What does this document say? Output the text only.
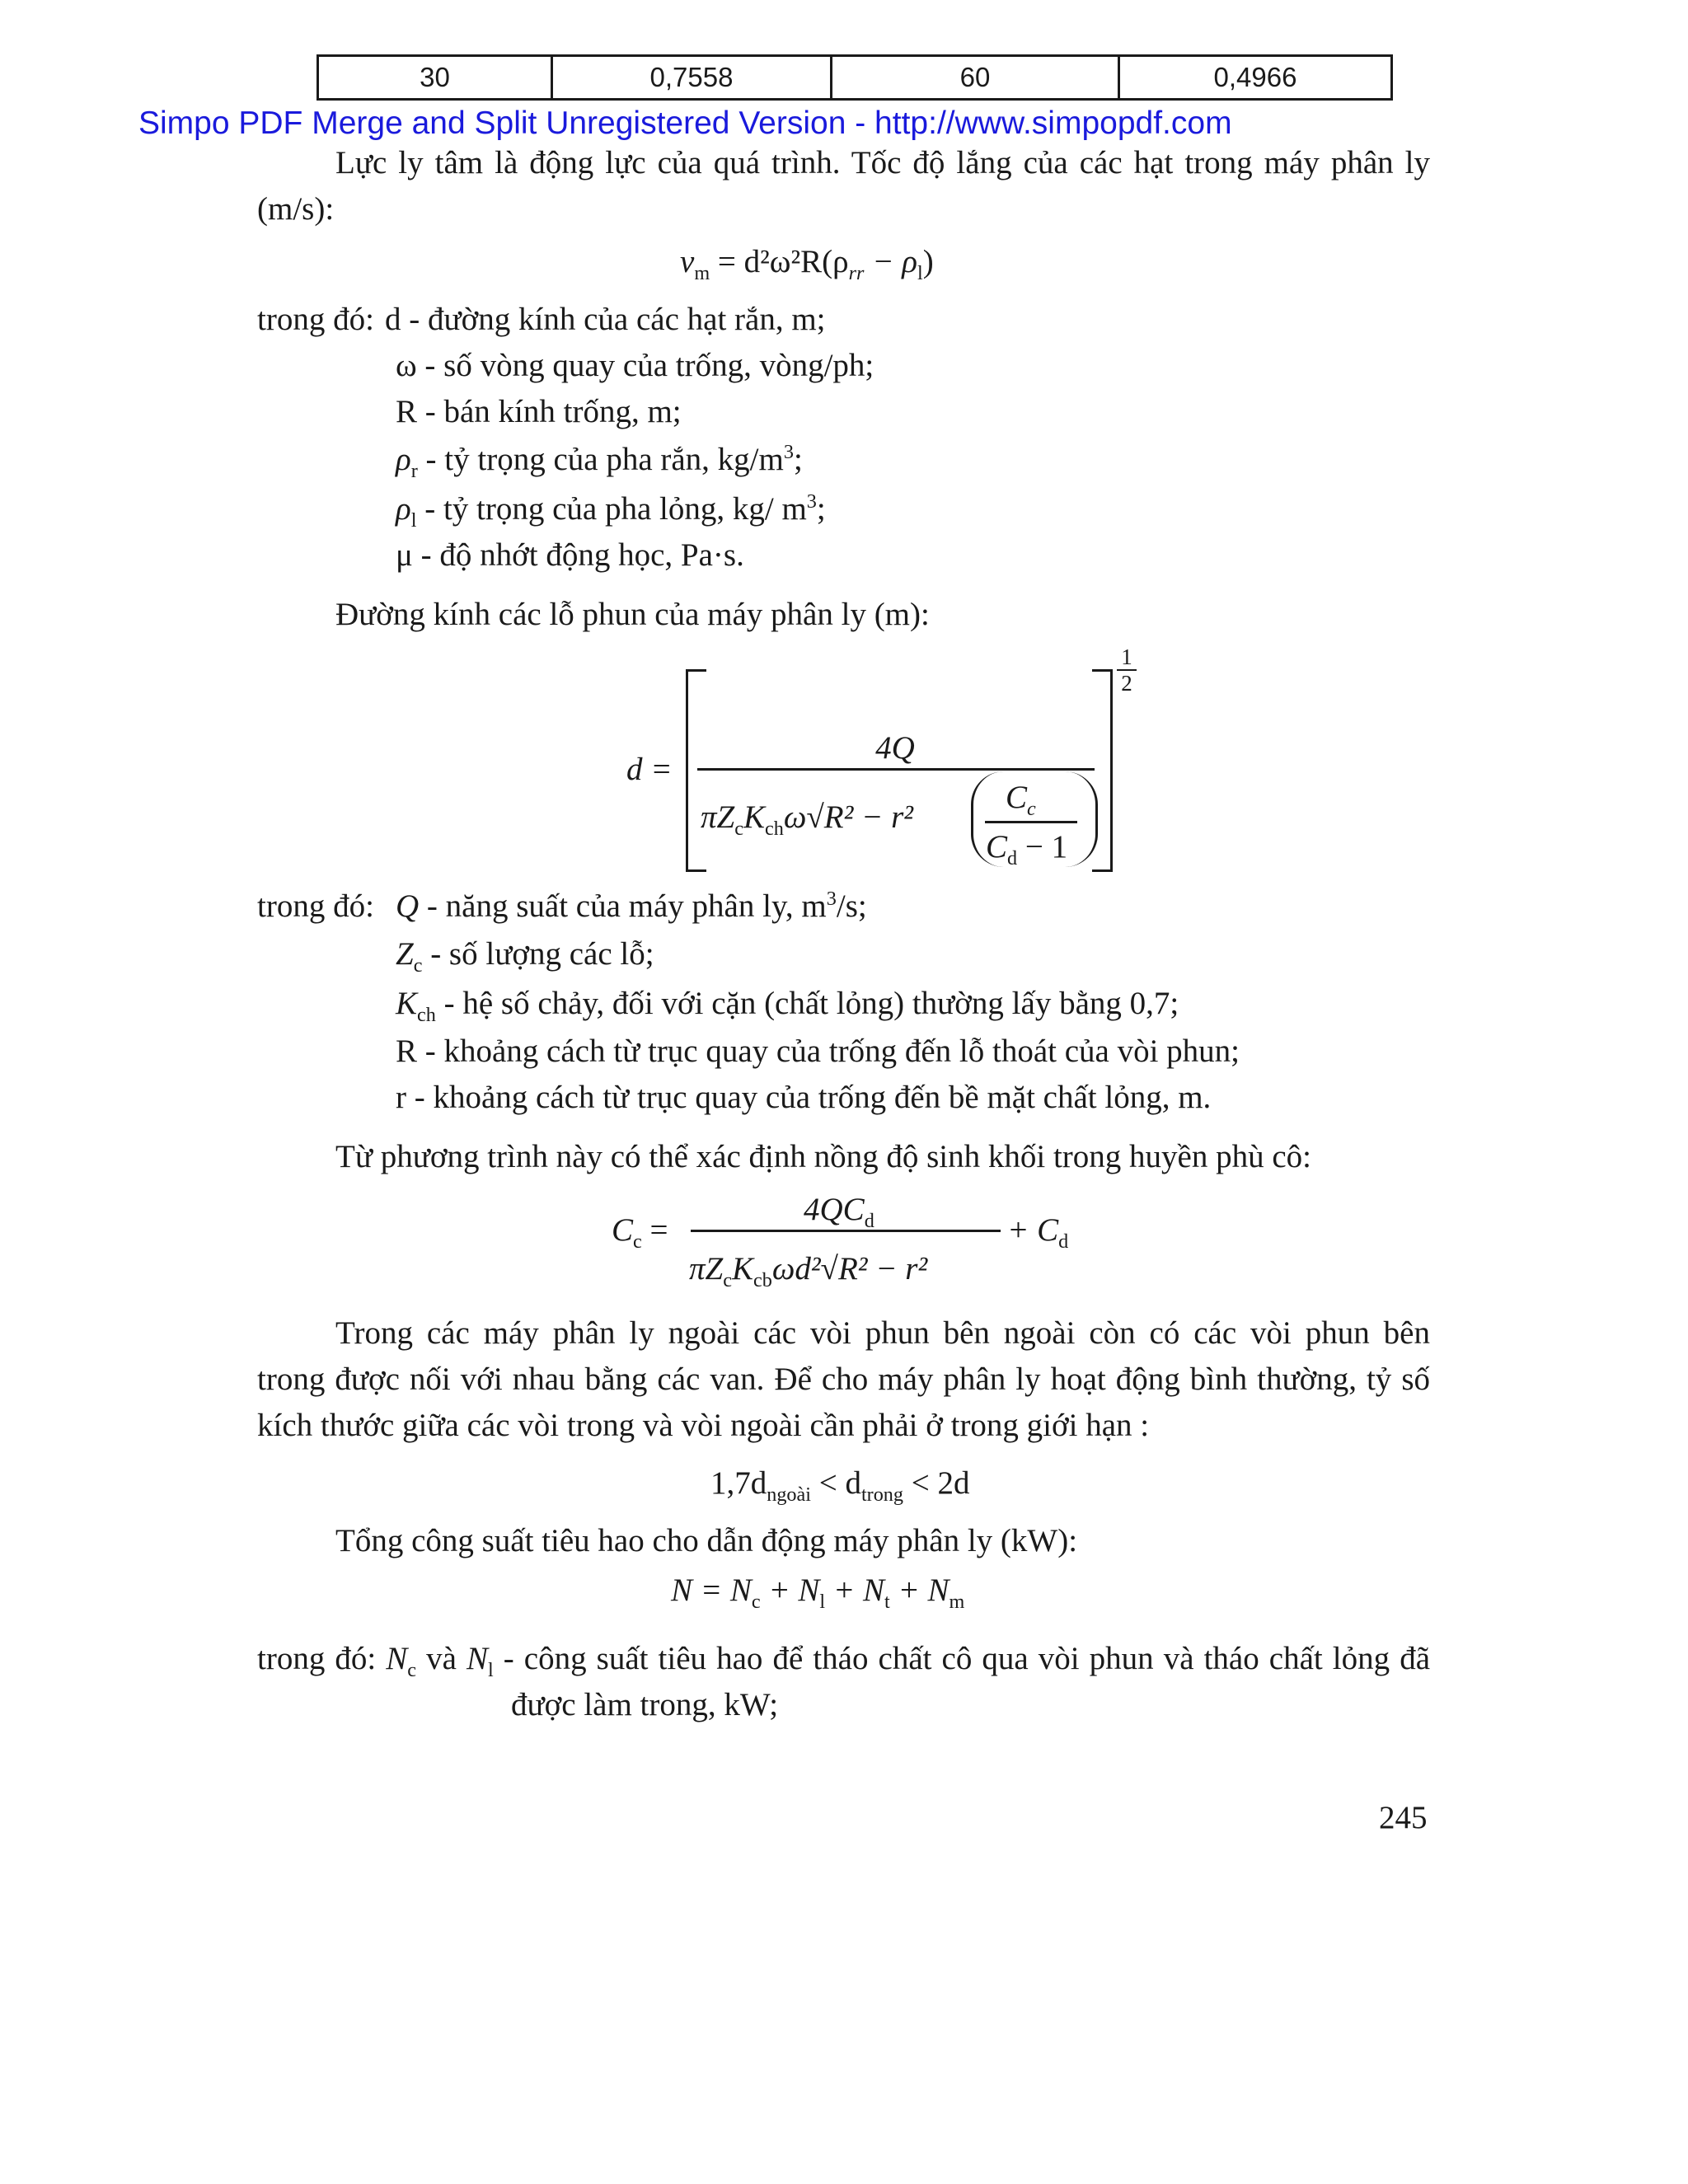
30	0,7558	60	0,4966
Simpo PDF Merge and Split Unregistered Version - http://www.simpopdf.com
Lực ly tâm là động lực của quá trình. Tốc độ lắng của các hạt trong máy phân ly
(m/s):
$v_m = d^2\omega^2R(\rho_{rr} - \rho_l)$
trong đó: d - đường kính của các hạt rắn, m;
ω - số vòng quay của trống, vòng/ph;
R - bán kính trống, m;
$\rho_r$ - tỷ trọng của pha rắn, $kg/m^3$;
$\rho_l$ - tỷ trọng của pha lỏng, kg/ $m^3$;
μ - độ nhớt động học, Pa·s.
Đường kính các lỗ phun của máy phân ly (m):
d =
4Q
$\pi Z_cK_{ch}\omega√R^2 - r^2$
$C_c$
$C_d - 1$
$\frac{1}{2}$
trong đó: Q - năng suất của máy phân ly, $m^3/s$;
$Z_c$ - số lượng các lỗ;
$K_{ch}$ - hệ số chảy, đối với cặn (chất lỏng) thường lấy bằng 0,7;
R - khoảng cách từ trục quay của trống đến lỗ thoát của vòi phun;
r - khoảng cách từ trục quay của trống đến bề mặt chất lỏng, m.
Từ phương trình này có thể xác định nồng độ sinh khối trong huyền phù cô:
$C_c$ =
$4QC_d$
$\pi Z_cK_{cb}\omega d^2√R^2 - r^2$
+ $C_d$
Trong các máy phân ly ngoài các vòi phun bên ngoài còn có các vòi phun bên
trong được nối với nhau bằng các van. Để cho máy phân ly hoạt động bình thường, tỷ số
kích thước giữa các vòi trong và vòi ngoài cần phải ở trong giới hạn :
$1,7d_{ngoài} < d_{trong} < 2d$
Tổng công suất tiêu hao cho dẫn động máy phân ly (kW):
$N = N_c + N_l + N_t + N_m$
trong đó: $N_c$ và $N_l$ - công suất tiêu hao để tháo chất cô qua vòi phun và tháo chất lỏng đã
được làm trong, kW;
245
